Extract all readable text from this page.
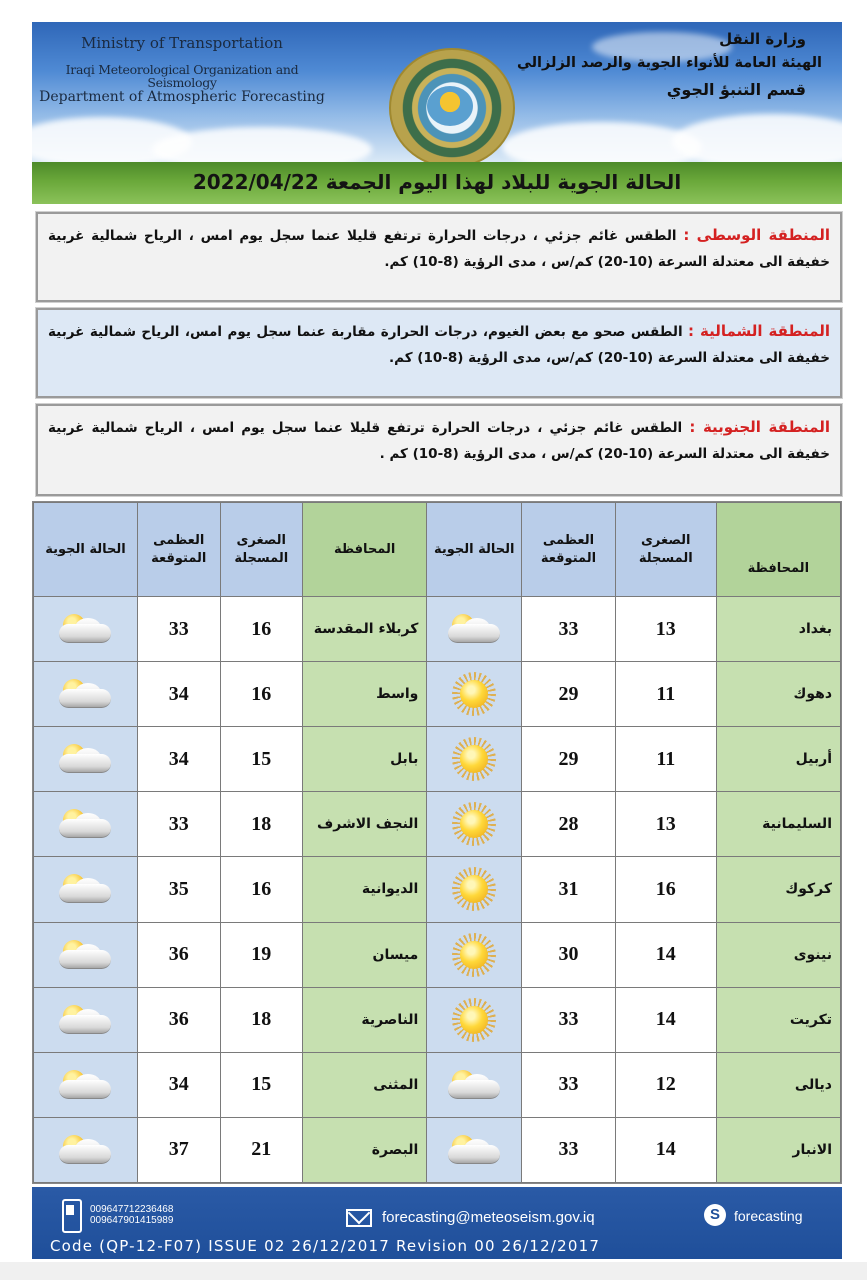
Ministry of Transportation
Iraqi Meteorological Organization and Seismology
Department of Atmospheric Forecasting
وزارة النقل
الهيئة العامة للأنواء الجوية والرصد الزلزالي
قسم التنبؤ الجوي
الحالة الجوية للبلاد لهذا اليوم الجمعة 2022/04/22
المنطقة الوسطى : الطقس غائم جزئي ، درجات الحرارة ترتفع قليلا عنما سجل يوم امس ، الرياح شمالية غربية خفيفة الى معتدلة السرعة (10-20) كم/س ، مدى الرؤية (8-10) كم.
المنطقة الشمالية : الطقس صحو مع بعض الغيوم، درجات الحرارة مقاربة عنما سجل يوم امس، الرياح شمالية غربية خفيفة الى معتدلة السرعة (10-20) كم/س، مدى الرؤية (8-10) كم.
المنطقة الجنوبية : الطقس غائم جزئي ، درجات الحرارة ترتفع قليلا عنما سجل يوم امس ، الرياح شمالية غربية خفيفة الى معتدلة السرعة (10-20) كم/س ، مدى الرؤية (8-10) كم .
المحافظة	الصغرى المسجلة	العظمى المتوقعة	الحالة الجوية	المحافظة	الصغرى المسجلة	العظمى المتوقعة	الحالة الجوية
بغداد	13	33		كربلاء المقدسة	16	33	

دهوك	11	29		واسط	16	34	

أربيل	11	29		بابل	15	34	

السليمانية	13	28		النجف الاشرف	18	33	

كركوك	16	31		الديوانية	16	35	

نينوى	14	30		ميسان	19	36	

تكريت	14	33		الناصرية	18	36	

ديالى	12	33		المثنى	15	34	

الانبار	14	33		البصرة	21	37	
009647712236468
009647901415989	forecasting@meteoseism.gov.iq	S	forecasting
Code (QP-12-F07) ISSUE 02 26/12/2017 Revision 00 26/12/2017
